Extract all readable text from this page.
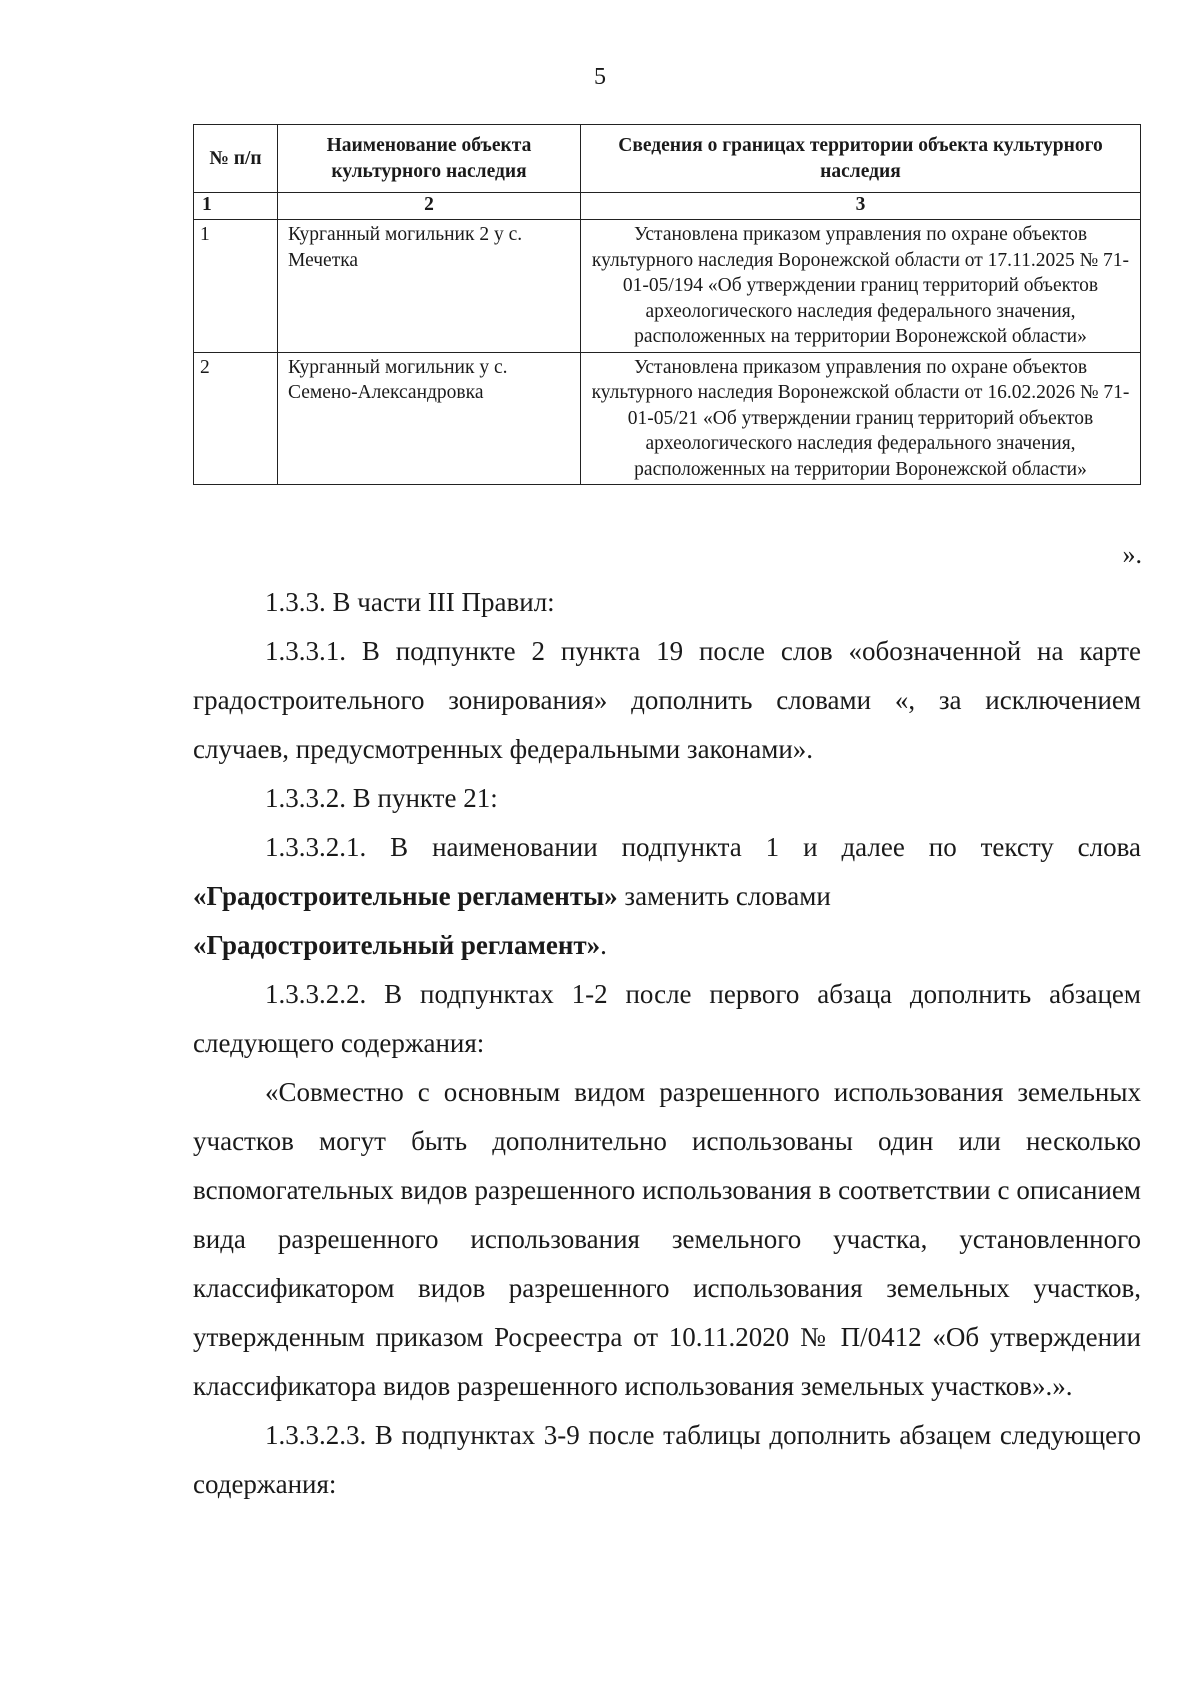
5
№ п/п	Наименование объекта культурного наследия	Сведения о границах территории объекта культурного наследия
1	2	3
1	Курганный могильник 2 у с. Мечетка	Установлена приказом управления по охране объектов культурного наследия Воронежской области от 17.11.2025 № 71-01-05/194 «Об утверждении границ территорий объектов археологического наследия федерального значения, расположенных на территории Воронежской области»
2	Курганный могильник у с. Семено-Александровка	Установлена приказом управления по охране объектов культурного наследия Воронежской области от 16.02.2026 № 71-01-05/21 «Об утверждении границ территорий объектов археологического наследия федерального значения, расположенных на территории Воронежской области»
».

1.3.3. В части III Правил:

1.3.3.1. В подпункте 2 пункта 19 после слов «обозначенной на карте градостроительного зонирования» дополнить словами «, за исключением случаев, предусмотренных федеральными законами».

1.3.3.2. В пункте 21:

1.3.3.2.1. В наименовании подпункта 1 и далее по тексту слова «Градостроительные регламенты» заменить словами

«Градостроительный регламент».

1.3.3.2.2. В подпунктах 1-2 после первого абзаца дополнить абзацем следующего содержания:

«Совместно с основным видом разрешенного использования земельных участков могут быть дополнительно использованы один или несколько вспомогательных видов разрешенного использования в соответствии с описанием вида разрешенного использования земельного участка, установленного классификатором видов разрешенного использования земельных участков, утвержденным приказом Росреестра от 10.11.2020 № П/0412 «Об утверждении классификатора видов разрешенного использования земельных участков».».

1.3.3.2.3. В подпунктах 3-9 после таблицы дополнить абзацем следующего содержания:
